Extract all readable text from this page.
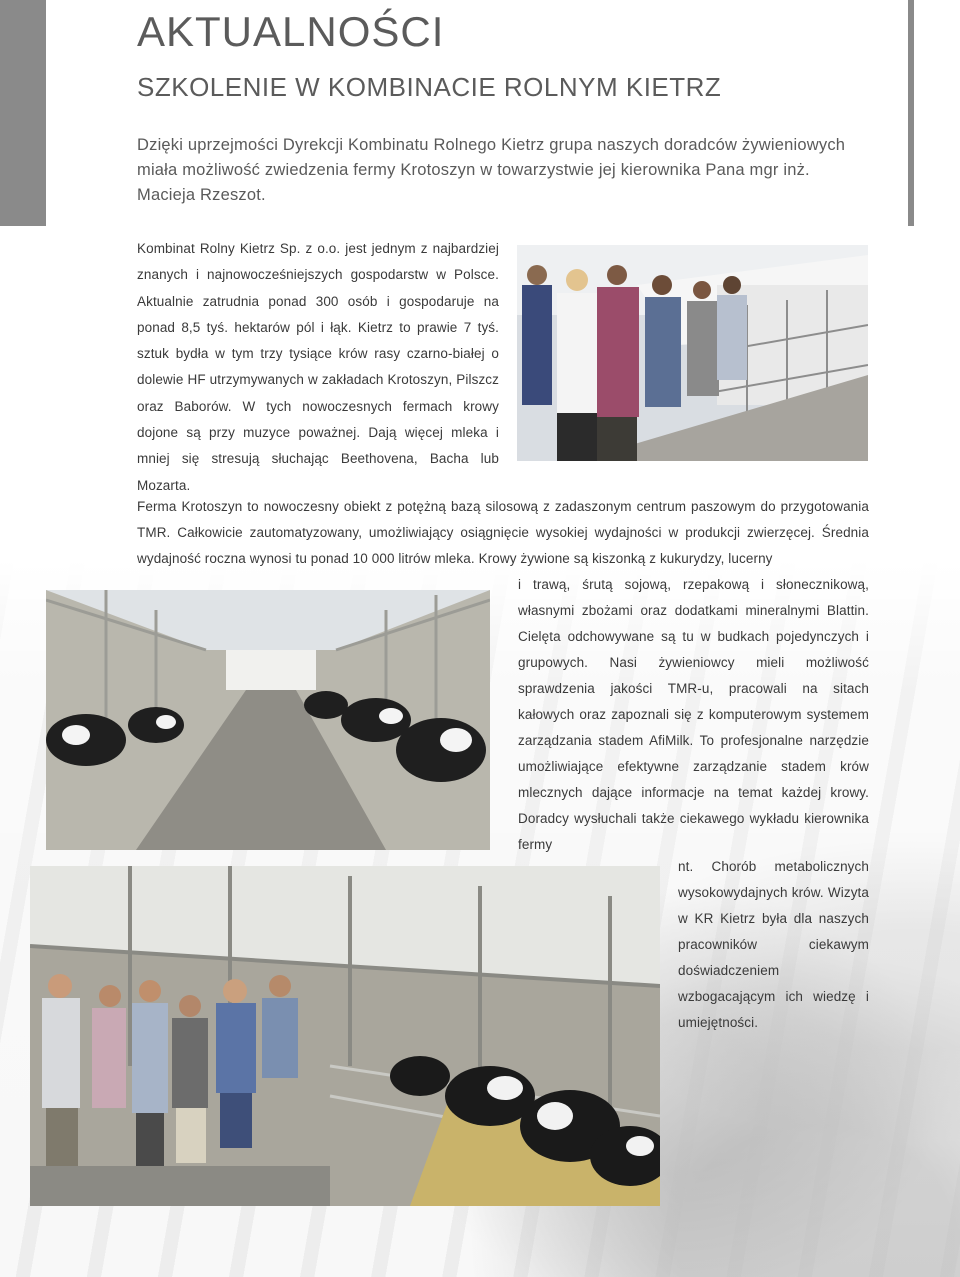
AKTUALNOŚCI
SZKOLENIE W KOMBINACIE ROLNYM KIETRZ

Dzięki uprzejmości Dyrekcji Kombinatu Rolnego Kietrz grupa naszych doradców żywieniowych miała możliwość zwiedzenia fermy Krotoszyn w towarzystwie jej kierownika Pana mgr inż. Macieja Rzeszot.

Kombinat Rolny Kietrz Sp. z o.o. jest jednym z najbardziej znanych i najnowocześniejszych gospodarstw w Polsce. Aktualnie zatrudnia ponad 300 osób i gospodaruje na ponad 8,5 tyś. hektarów pól i łąk. Kietrz to prawie 7 tyś. sztuk bydła w tym trzy tysiące krów rasy czarno-białej o dolewie HF utrzymywanych w zakładach Krotoszyn, Pilszcz oraz Baborów. W tych nowoczesnych fermach krowy dojone są przy muzyce poważnej. Dają więcej mleka i mniej się stresują słuchając Beethovena, Bacha lub Mozarta.

Ferma Krotoszyn to nowoczesny obiekt z potężną bazą silosową z zadaszonym centrum paszowym do przygotowania TMR. Całkowicie zautomatyzowany, umożliwiający osiągnięcie wysokiej wydajności w produkcji zwierzęcej. Średnia wydajność roczna wynosi tu ponad 10 000 litrów mleka. Krowy żywione są kiszonką z kukurydzy, lucerny

i trawą, śrutą sojową, rzepakową i słonecznikową, własnymi zbożami oraz dodatkami mineralnymi Blattin. Cielęta odchowywane są tu w budkach pojedynczych i grupowych. Nasi żywieniowcy mieli możliwość sprawdzenia jakości TMR-u, pracowali na sitach kałowych oraz zapoznali się z komputerowym systemem zarządzania stadem AfiMilk. To profesjonalne narzędzie umożliwiające efektywne zarządzanie stadem krów mlecznych dające informacje na temat każdej krowy. Doradcy wysłuchali także ciekawego wykładu kierownika fermy

nt. Chorób metabolicznych wysokowydajnych krów. Wizyta w KR Kietrz była dla naszych pracowników ciekawym doświadczeniem wzbogacającym ich wiedzę i umiejętności.
